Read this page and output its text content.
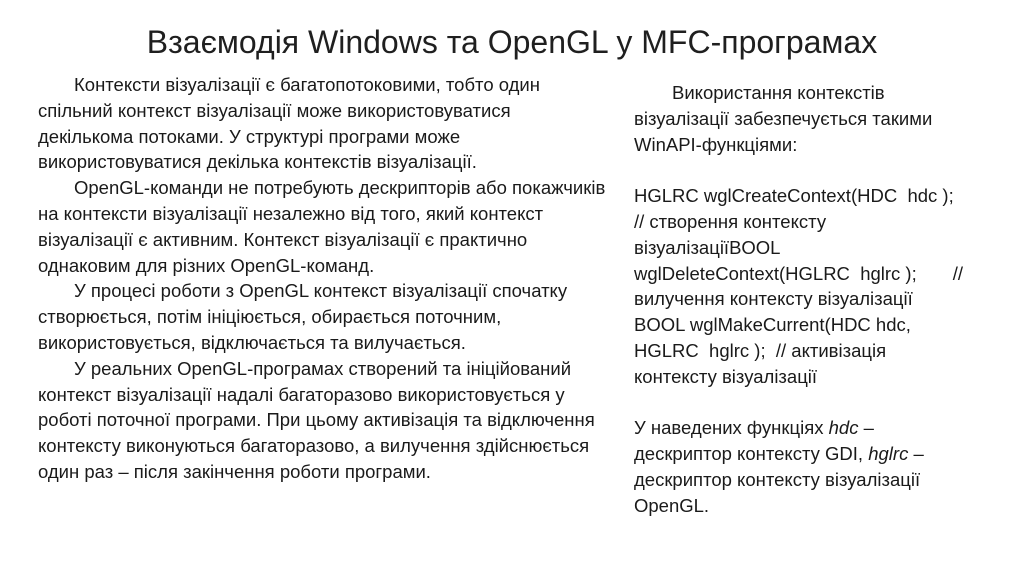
Взаємодія Windows та OpenGL у MFC-програмах

Контексти візуалізації є багатопотоковими, тобто один спільний контекст візуалізації може використовуватися декількома потоками. У структурі програми може використовуватися декілька контекстів візуалізації.

OpenGL-команди не потребують дескрипторів або покажчиків на контексти візуалізації незалежно від того, який контекст візуалізації є активним. Контекст візуалізації є практично однаковим для різних OpenGL-команд.

У процесі роботи з OpenGL контекст візуалізації спочатку створюється, потім ініціюється, обирається поточним, використовується, відключається та вилучається.

У реальних OpenGL-програмах створений та ініційований контекст візуалізації надалі багаторазово використовується у роботі поточної програми. При цьому активізація та відключення контексту виконуються багаторазово, а вилучення здійснюється один раз – після закінчення роботи програми.

Використання контекстів
візуалізації забезпечується такими
WinAPI-функціями:
HGLRC wglCreateContext(HDC  hdc );
// створення контексту
візуалізаціїBOOL
wglDeleteContext(HGLRC  hglrc );       //
вилучення контексту візуалізації
BOOL wglMakeCurrent(HDC hdc,
HGLRC  hglrc );  // активізація
контексту візуалізації
У наведених функціях hdc –
дескриптор контексту GDI, hglrc –
дескриптор контексту візуалізації
OpenGL.
